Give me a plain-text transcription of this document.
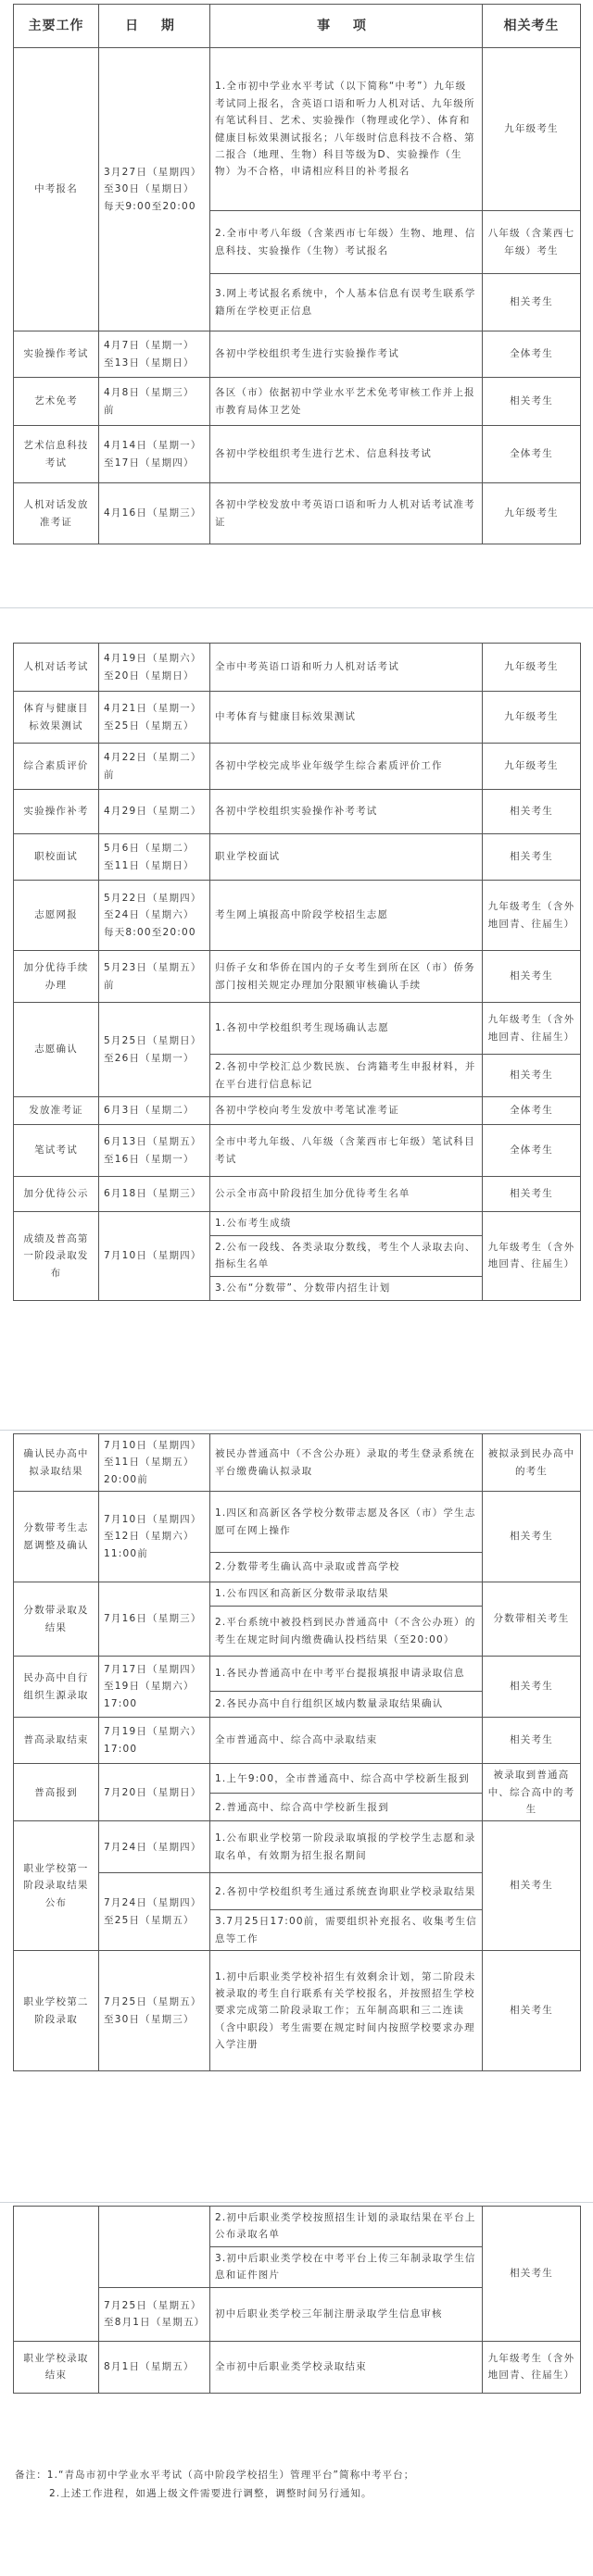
主要工作	日 期	事 项	相关考生
中考报名	3月27日（星期四）至30日（星期日）每天9:00至20:00	1.全市初中学业水平考试（以下简称“中考”）九年级考试同上报名，含英语口语和听力人机对话、九年级所有笔试科目、艺术、实验操作（物理或化学）、体育和健康目标效果测试报名；八年级时信息科技不合格、第二报合（地理、生物）科目等级为D、实验操作（生物）为不合格，申请相应科目的补考报名	九年级考生
		2.全市中考八年级（含莱西市七年级）生物、地理、信息科技、实验操作（生物）考试报名	八年级（含莱西七年级）考生
		3.网上考试报名系统中，个人基本信息有误考生联系学籍所在学校更正信息	相关考生
实验操作考试	4月7日（星期一）至13日（星期日）	各初中学校组织考生进行实验操作考试	全体考生
艺术免考	4月8日（星期三）前	各区（市）依据初中学业水平艺术免考审核工作并上报市教育局体卫艺处	相关考生
艺术信息科技考试	4月14日（星期一）至17日（星期四）	各初中学校组织考生进行艺术、信息科技考试	全体考生
人机对话发放准考证	4月16日（星期三）	各初中学校发放中考英语口语和听力人机对话考试准考证	九年级考生
人机对话考试	4月19日（星期六）至20日（星期日）	全市中考英语口语和听力人机对话考试	九年级考生
体育与健康目标效果测试	4月21日（星期一）至25日（星期五）	中考体育与健康目标效果测试	九年级考生
综合素质评价	4月22日（星期二）前	各初中学校完成毕业年级学生综合素质评价工作	九年级考生
实验操作补考	4月29日（星期二）	各初中学校组织实验操作补考考试	相关考生
职校面试	5月6日（星期二）至11日（星期日）	职业学校面试	相关考生
志愿网报	5月22日（星期四）至24日（星期六）每天8:00至20:00	考生网上填报高中阶段学校招生志愿	九年级考生（含外地回青、往届生）
加分优待手续办理	5月23日（星期五）前	归侨子女和华侨在国内的子女考生到所在区（市）侨务部门按相关规定办理加分限额审核确认手续	相关考生
志愿确认	5月25日（星期日）至26日（星期一）	1.各初中学校组织考生现场确认志愿	九年级考生（含外地回青、往届生）
		2.各初中学校汇总少数民族、台湾籍考生申报材料，并在平台进行信息标记	相关考生
发放准考证	6月3日（星期二）	各初中学校向考生发放中考笔试准考证	全体考生
笔试考试	6月13日（星期五）至16日（星期一）	全市中考九年级、八年级（含莱西市七年级）笔试科目考试	全体考生
加分优待公示	6月18日（星期三）	公示全市高中阶段招生加分优待考生名单	相关考生
成绩及普高第一阶段录取发布	7月10日（星期四）	1.公布考生成绩	九年级考生（含外地回青、往届生）
		2.公布一段线、各类录取分数线，考生个人录取去向、指标生名单	
		3.公布“分数带”、分数带内招生计划	
确认民办高中拟录取结果	7月10日（星期四）至11日（星期五）20:00前	被民办普通高中（不含公办班）录取的考生登录系统在平台缴费确认拟录取	被拟录到民办高中的考生
分数带考生志愿调整及确认	7月10日（星期四）至12日（星期六）11:00前	1.四区和高新区各学校分数带志愿及各区（市）学生志愿可在网上操作	相关考生
		2.分数带考生确认高中录取或普高学校	
分数带录取及结果	7月16日（星期三）	1.公布四区和高新区分数带录取结果	分数带相关考生
		2.平台系统中被投档到民办普通高中（不含公办班）的考生在规定时间内缴费确认投档结果（至20:00）	
民办高中自行组织生源录取	7月17日（星期四）至19日（星期六）17:00	1.各民办普通高中在中考平台提报填报申请录取信息	相关考生
		2.各民办高中自行组织区域内数量录取结果确认	
普高录取结束	7月19日（星期六）17:00	全市普通高中、综合高中录取结束	相关考生
普高报到	7月20日（星期日）	1.上午9:00，全市普通高中、综合高中学校新生报到	被录取到普通高中、综合高中的考生
		2.普通高中、综合高中学校新生报到	
职业学校第一阶段录取结果公布	7月24日（星期四）	1.公布职业学校第一阶段录取填报的学校学生志愿和录取名单，有效期为招生报名期间	相关考生
	7月24日（星期四）至25日（星期五）	2.各初中学校组织考生通过系统查询职业学校录取结果	
		3.7月25日17:00前，需要组织补充报名、收集考生信息等工作	
职业学校第二阶段录取	7月25日（星期五）至30日（星期三）	1.初中后职业类学校补招生有效剩余计划，第二阶段未被录取的考生自行联系有关学校报名，并按照招生学校要求完成第二阶段录取工作；五年制高职和三二连读（含中职段）考生需要在规定时间内按照学校要求办理入学注册	相关考生
		2.初中后职业类学校按照招生计划的录取结果在平台上公布录取名单	相关考生
		3.初中后职业类学校在中考平台上传三年制录取学生信息和证件图片	
	7月25日（星期五）至8月1日（星期五）	初中后职业类学校三年制注册录取学生信息审核	
职业学校录取结束	8月1日（星期五）	全市初中后职业类学校录取结束	九年级考生（含外地回青、往届生）
备注：1.“青岛市初中学业水平考试（高中阶段学校招生）管理平台”简称中考平台；
2.上述工作进程，如遇上级文件需要进行调整，调整时间另行通知。
